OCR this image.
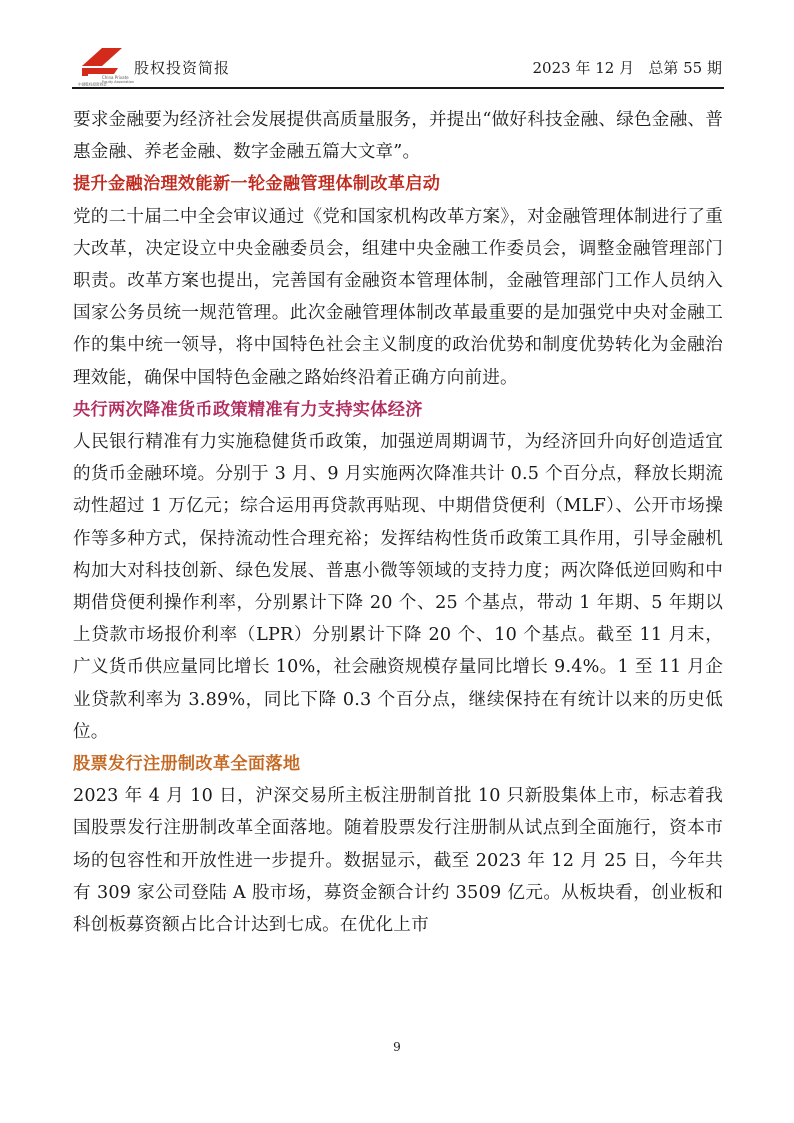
China Private
Equity Association
中国股权投资协会
股权投资简报	2023 年 12 月   总第 55 期

要求金融要为经济社会发展提供高质量服务，并提出“做好科技金融、绿色金融、普惠金融、养老金融、数字金融五篇大文章”。

提升金融治理效能新一轮金融管理体制改革启动

党的二十届二中全会审议通过《党和国家机构改革方案》，对金融管理体制进行了重大改革，决定设立中央金融委员会，组建中央金融工作委员会，调整金融管理部门职责。改革方案也提出，完善国有金融资本管理体制，金融管理部门工作人员纳入国家公务员统一规范管理。此次金融管理体制改革最重要的是加强党中央对金融工作的集中统一领导，将中国特色社会主义制度的政治优势和制度优势转化为金融治理效能，确保中国特色金融之路始终沿着正确方向前进。

央行两次降准货币政策精准有力支持实体经济

人民银行精准有力实施稳健货币政策，加强逆周期调节，为经济回升向好创造适宜的货币金融环境。分别于 3 月、9 月实施两次降准共计 0.5 个百分点，释放长期流动性超过 1 万亿元；综合运用再贷款再贴现、中期借贷便利（MLF）、公开市场操作等多种方式，保持流动性合理充裕；发挥结构性货币政策工具作用，引导金融机构加大对科技创新、绿色发展、普惠小微等领域的支持力度；两次降低逆回购和中期借贷便利操作利率，分别累计下降 20 个、25 个基点，带动 1 年期、5 年期以上贷款市场报价利率（LPR）分别累计下降 20 个、10 个基点。截至 11 月末，广义货币供应量同比增长 10%，社会融资规模存量同比增长 9.4%。1 至 11 月企业贷款利率为 3.89%，同比下降 0.3 个百分点，继续保持在有统计以来的历史低位。

股票发行注册制改革全面落地

2023 年 4 月 10 日，沪深交易所主板注册制首批 10 只新股集体上市，标志着我国股票发行注册制改革全面落地。随着股票发行注册制从试点到全面施行，资本市场的包容性和开放性进一步提升。数据显示，截至 2023 年 12 月 25 日，今年共有 309 家公司登陆 A 股市场，募资金额合计约 3509 亿元。从板块看，创业板和科创板募资额占比合计达到七成。在优化上市

9
